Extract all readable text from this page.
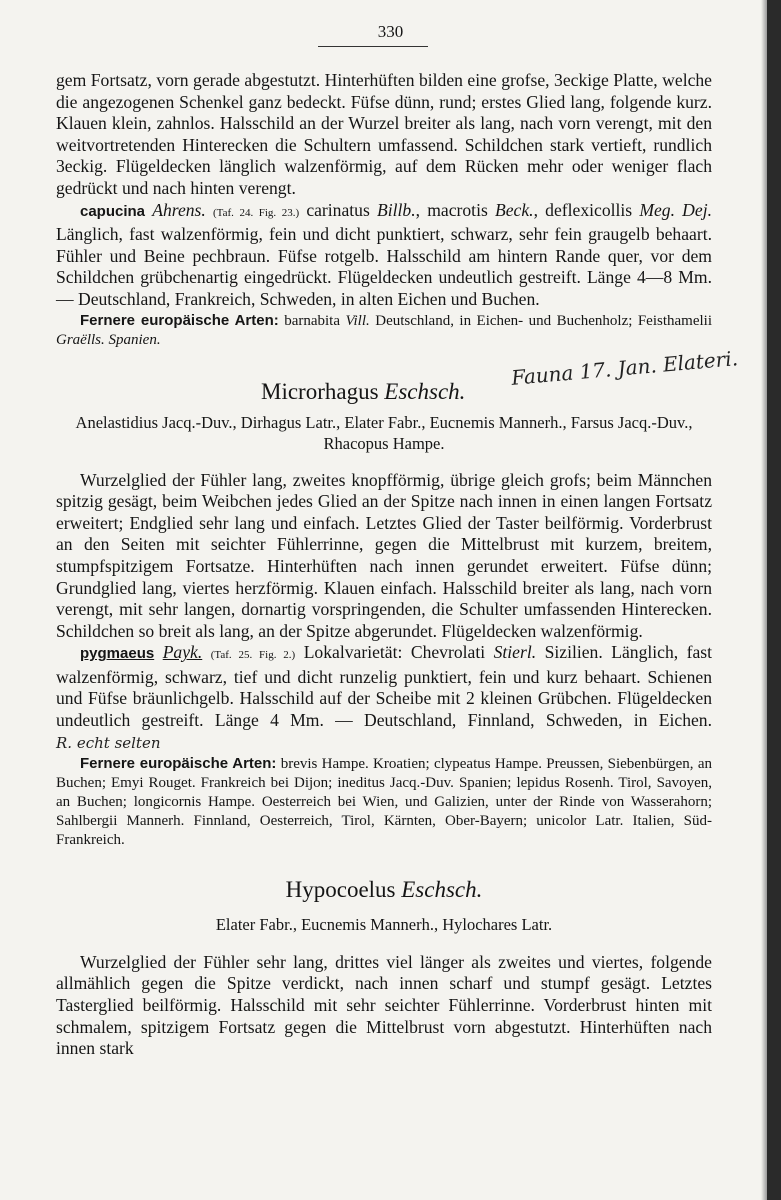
330

gem Fortsatz, vorn gerade abgestutzt. Hinterhüften bilden eine grofse, 3eckige Platte, welche die angezogenen Schenkel ganz bedeckt. Füfse dünn, rund; erstes Glied lang, folgende kurz. Klauen klein, zahnlos. Halsschild an der Wurzel breiter als lang, nach vorn verengt, mit den weitvortretenden Hinterecken die Schultern umfassend. Schildchen stark vertieft, rundlich 3eckig. Flügeldecken länglich walzenförmig, auf dem Rücken mehr oder weniger flach gedrückt und nach hinten verengt.

capucina Ahrens. (Taf. 24. Fig. 23.) carinatus Billb., macrotis Beck., deflexicollis Meg. Dej. Länglich, fast walzenförmig, fein und dicht punktiert, schwarz, sehr fein graugelb behaart. Fühler und Beine pechbraun. Füfse rotgelb. Halsschild am hintern Rande quer, vor dem Schildchen grübchenartig eingedrückt. Flügeldecken undeutlich gestreift. Länge 4—8 Mm. — Deutschland, Frankreich, Schweden, in alten Eichen und Buchen.

Fernere europäische Arten: barnabita Vill. Deutschland, in Eichen- und Buchenholz; Feisthamelii Graëlls. Spanien.

Microrhagus Eschsch.
Fauna 17. Jan. Elateri.
Anelastidius Jacq.-Duv., Dirhagus Latr., Elater Fabr., Eucnemis Mannerh., Farsus Jacq.-Duv., Rhacopus Hampe.

Wurzelglied der Fühler lang, zweites knopfförmig, übrige gleich grofs; beim Männchen spitzig gesägt, beim Weibchen jedes Glied an der Spitze nach innen in einen langen Fortsatz erweitert; Endglied sehr lang und einfach. Letztes Glied der Taster beilförmig. Vorderbrust an den Seiten mit seichter Fühlerrinne, gegen die Mittelbrust mit kurzem, breitem, stumpfspitzigem Fortsatze. Hinterhüften nach innen gerundet erweitert. Füfse dünn; Grundglied lang, viertes herzförmig. Klauen einfach. Halsschild breiter als lang, nach vorn verengt, mit sehr langen, dornartig vorspringenden, die Schulter umfassenden Hinterecken. Schildchen so breit als lang, an der Spitze abgerundet. Flügeldecken walzenförmig.

pygmaeus Payk. (Taf. 25. Fig. 2.) Lokalvarietät: Chevrolati Stierl. Sizilien. Länglich, fast walzenförmig, schwarz, tief und dicht runzelig punktiert, fein und kurz behaart. Schienen und Füfse bräunlichgelb. Halsschild auf der Scheibe mit 2 kleinen Grübchen. Flügeldecken undeutlich gestreift. Länge 4 Mm. — Deutschland, Finnland, Schweden, in Eichen. R. echt selten

Fernere europäische Arten: brevis Hampe. Kroatien; clypeatus Hampe. Preussen, Siebenbürgen, an Buchen; Emyi Rouget. Frankreich bei Dijon; ineditus Jacq.-Duv. Spanien; lepidus Rosenh. Tirol, Savoyen, an Buchen; longicornis Hampe. Oesterreich bei Wien, und Galizien, unter der Rinde von Wasserahorn; Sahlbergii Mannerh. Finnland, Oesterreich, Tirol, Kärnten, Ober-Bayern; unicolor Latr. Italien, Süd-Frankreich.

Hypocoelus Eschsch.
Elater Fabr., Eucnemis Mannerh., Hylochares Latr.

Wurzelglied der Fühler sehr lang, drittes viel länger als zweites und viertes, folgende allmählich gegen die Spitze verdickt, nach innen scharf und stumpf gesägt. Letztes Tasterglied beilförmig. Halsschild mit sehr seichter Fühlerrinne. Vorderbrust hinten mit schmalem, spitzigem Fortsatz gegen die Mittelbrust vorn abgestutzt. Hinterhüften nach innen stark
